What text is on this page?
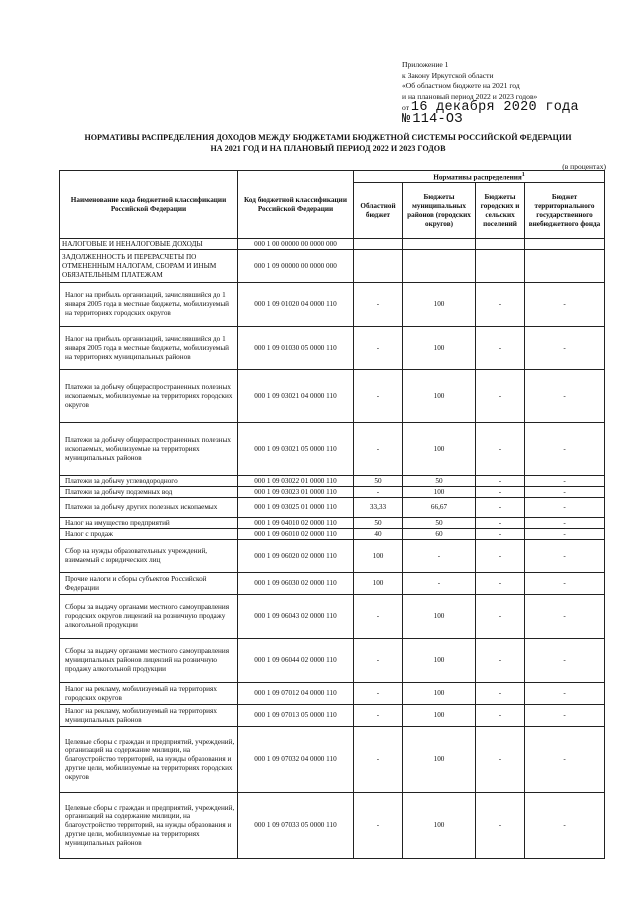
Приложение 1
к Закону Иркутской области
«Об областном бюджете на 2021 год
и на плановый период 2022 и 2023 годов»
от 16 декабря 2020 года
№ 114-ОЗ
НОРМАТИВЫ РАСПРЕДЕЛЕНИЯ ДОХОДОВ МЕЖДУ БЮДЖЕТАМИ БЮДЖЕТНОЙ СИСТЕМЫ РОССИЙСКОЙ ФЕДЕРАЦИИ
НА 2021 ГОД И НА ПЛАНОВЫЙ ПЕРИОД 2022 И 2023 ГОДОВ
(в процентах)
Наименование кода бюджетной классификации Российской Федерации	Код бюджетной классификации Российской Федерации	Нормативы распределения$^1$
		Областной бюджет	Бюджеты муниципальных районов (городских округов)	Бюджеты городских и сельских поселений	Бюджет территориального государственного внебюджетного фонда
НАЛОГОВЫЕ И НЕНАЛОГОВЫЕ ДОХОДЫ	000 1 00 00000 00 0000 000				
ЗАДОЛЖЕННОСТЬ И ПЕРЕРАСЧЕТЫ ПО ОТМЕНЕННЫМ НАЛОГАМ, СБОРАМ И ИНЫМ ОБЯЗАТЕЛЬНЫМ ПЛАТЕЖАМ	000 1 09 00000 00 0000 000				
Налог на прибыль организаций, зачислявшийся до 1 января 2005 года в местные бюджеты, мобилизуемый на территориях городских округов	000 1 09 01020 04 0000 110	-	100	-	-
Налог на прибыль организаций, зачислявшийся до 1 января 2005 года в местные бюджеты, мобилизуемый на территориях муниципальных районов	000 1 09 01030 05 0000 110	-	100	-	-
Платежи за добычу общераспространенных полезных ископаемых, мобилизуемые на территориях городских округов	000 1 09 03021 04 0000 110	-	100	-	-
Платежи за добычу общераспространенных полезных ископаемых, мобилизуемые на территориях муниципальных районов	000 1 09 03021 05 0000 110	-	100	-	-
Платежи за добычу углеводородного	000 1 09 03022 01 0000 110	50	50	-	-
Платежи за добычу подземных вод	000 1 09 03023 01 0000 110	-	100	-	-
Платежи за добычу других полезных ископаемых	000 1 09 03025 01 0000 110	33,33	66,67	-	-
Налог на имущество предприятий	000 1 09 04010 02 0000 110	50	50	-	-
Налог с продаж	000 1 09 06010 02 0000 110	40	60	-	-
Сбор на нужды образовательных учреждений, взимаемый с юридических лиц	000 1 09 06020 02 0000 110	100	-	-	-
Прочие налоги и сборы субъектов Российской Федерации	000 1 09 06030 02 0000 110	100	-	-	-
Сборы за выдачу органами местного самоуправления городских округов лицензий на розничную продажу алкогольной продукции	000 1 09 06043 02 0000 110	-	100	-	-
Сборы за выдачу органами местного самоуправления муниципальных районов лицензий на розничную продажу алкогольной продукции	000 1 09 06044 02 0000 110	-	100	-	-
Налог на рекламу, мобилизуемый на территориях городских округов	000 1 09 07012 04 0000 110	-	100	-	-
Налог на рекламу, мобилизуемый на территориях муниципальных районов	000 1 09 07013 05 0000 110	-	100	-	-
Целевые сборы с граждан и предприятий, учреждений, организаций на содержание милиции, на благоустройство территорий, на нужды образования и другие цели, мобилизуемые на территориях городских округов	000 1 09 07032 04 0000 110	-	100	-	-
Целевые сборы с граждан и предприятий, учреждений, организаций на содержание милиции, на благоустройство территорий, на нужды образования и другие цели, мобилизуемые на территориях муниципальных районов	000 1 09 07033 05 0000 110	-	100	-	-
